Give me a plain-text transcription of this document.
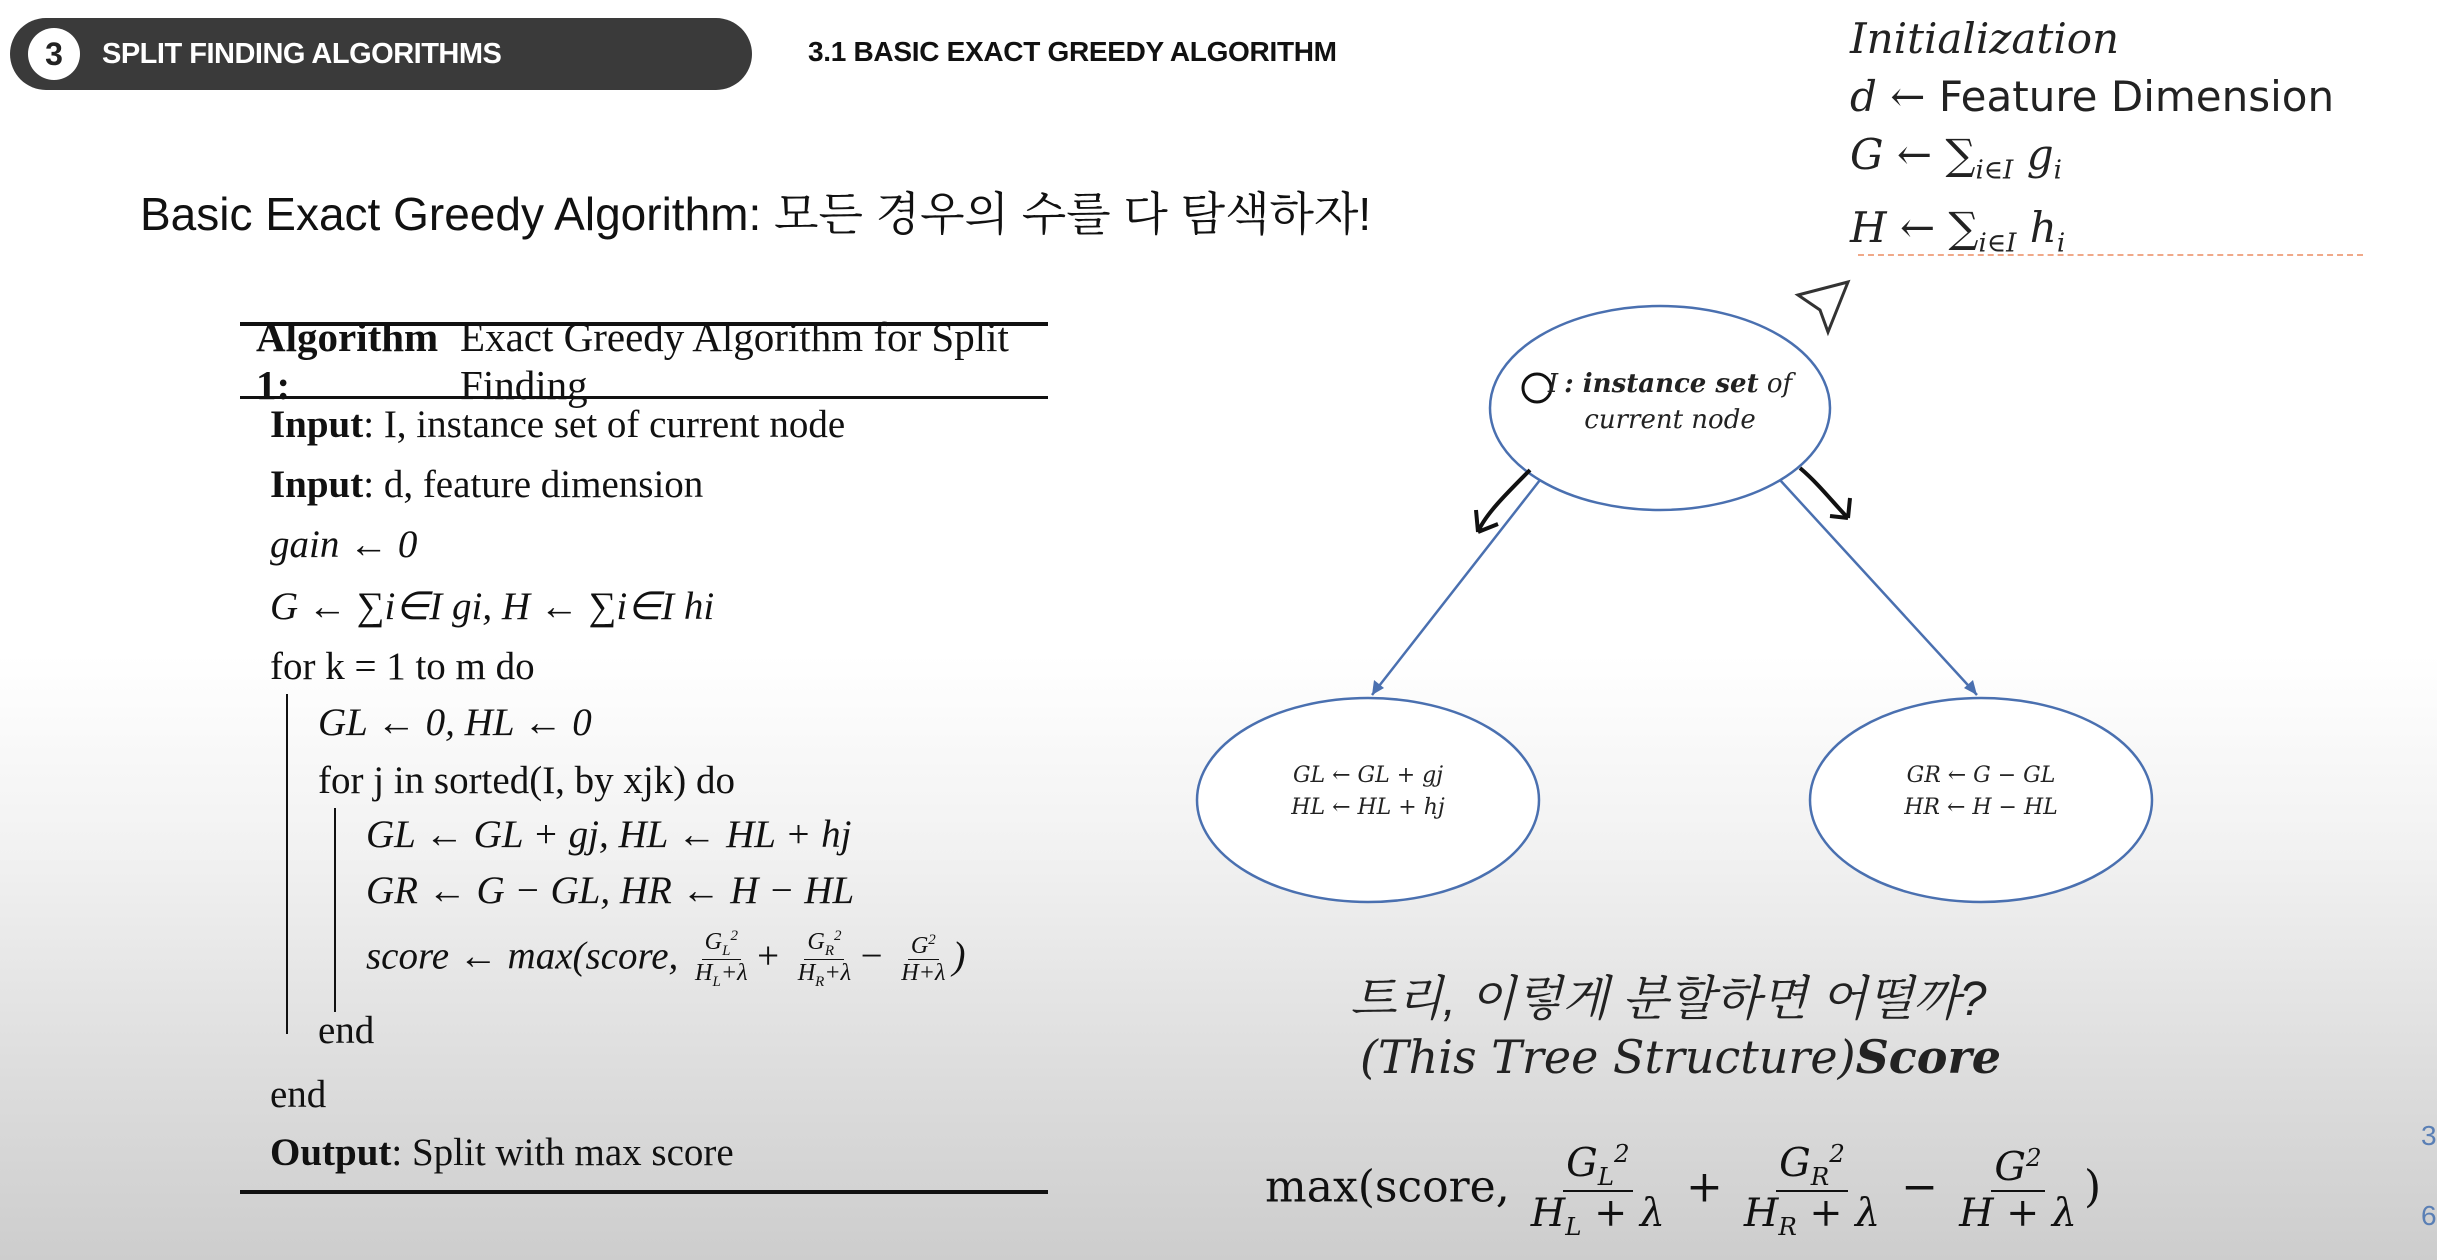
3	SPLIT FINDING ALGORITHMS	3.1 BASIC EXACT GREEDY ALGORITHM
Basic Exact Greedy Algorithm: 모든 경우의 수를 다 탐색하자!
Initialization
d ← Feature Dimension
G ← $\sum_{i\in I}$ $g_i$
H ← $\sum_{i\in I}$ $h_i$
Algorithm 1:
Exact Greedy Algorithm for Split Finding
Input: I, instance set of current node
Input: d, feature dimension
gain ← 0
G ← ∑i∈I gi, H ← ∑i∈I hi
for k = 1 to m do
GL ← 0, HL ← 0
for j in sorted(I, by xjk) do
GL ← GL + gj, HL ← HL + hj
GR ← G − GL, HR ← H − HL
score ← max(score, $\frac{G_L^2}{H_L+\lambda} + \frac{G_R^2}{H_R+\lambda} - \frac{G^2}{H+\lambda}$ )
end
end
Output: Split with max score
I : instance set of
current node
GL ← GL + gj
HL ← HL + hj
GR ← G − GL
HR ← H − HL
트리, 이렇게 분할하면 어떨까?
(This Tree Structure)Score
max(score, $\frac{G_L^2}{H_L + \lambda} + \frac{G_R^2}{H_R + \lambda} - \frac{G^2}{H + \lambda}$ )
3
6
